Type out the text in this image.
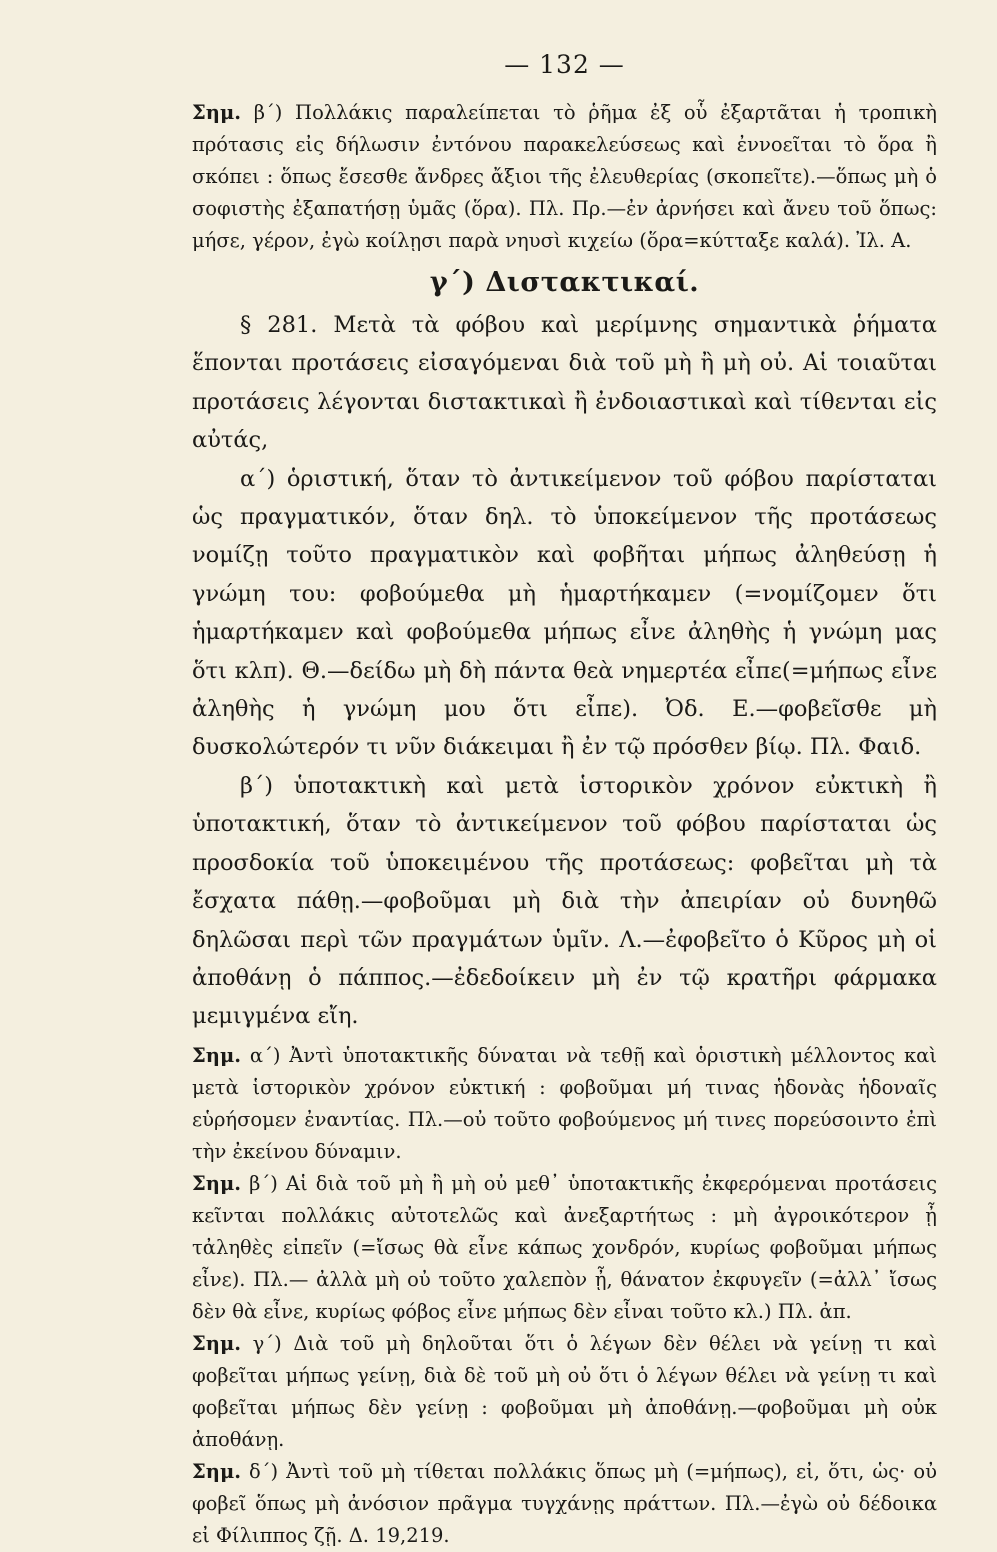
— 132 —

Σημ. β΄) Πολλάκις παραλείπεται τὸ ῥῆμα ἐξ οὗ ἐξαρτᾶται ἡ τροπικὴ πρότασις εἰς δήλωσιν ἐντόνου παρακελεύσεως καὶ ἐννοεῖται τὸ ὅρα ἢ σκόπει : ὅπως ἔσεσθε ἄνδρες ἄξιοι τῆς ἐλευθερίας (σκοπεῖτε).—ὅπως μὴ ὁ σοφιστὴς ἐξαπατήσῃ ὑμᾶς (ὅρα). Πλ. Πρ.—ἐν ἀρνήσει καὶ ἄνευ τοῦ ὅπως: μήσε, γέρον, ἐγὼ κοίλῃσι παρὰ νηυσὶ κιχείω (ὅρα=κύτταξε καλά). Ἰλ. Α.

γ΄) Διστακτικαί.

§ 281. Μετὰ τὰ φόβου καὶ μερίμνης σημαντικὰ ῥήματα ἕπονται προτάσεις εἰσαγόμεναι διὰ τοῦ μὴ ἢ μὴ οὐ. Αἱ τοιαῦται προτάσεις λέγονται διστακτικαὶ ἢ ἐνδοιαστικαὶ καὶ τίθενται εἰς αὐτάς,

α΄) ὁριστική, ὅταν τὸ ἀντικείμενον τοῦ φόβου παρίσταται ὡς πραγματικόν, ὅταν δηλ. τὸ ὑποκείμενον τῆς προτάσεως νομίζῃ τοῦτο πραγματικὸν καὶ φοβῆται μήπως ἀληθεύσῃ ἡ γνώμη του: φοβούμεθα μὴ ἡμαρτήκαμεν (=νομίζομεν ὅτι ἡμαρτήκαμεν καὶ φοβούμεθα μήπως εἶνε ἀληθὴς ἡ γνώμη μας ὅτι κλπ). Θ.—δείδω μὴ δὴ πάντα θεὰ νημερτέα εἶπε(=μήπως εἶνε ἀληθὴς ἡ γνώμη μου ὅτι εἶπε). Ὀδ. Ε.—φοβεῖσθε μὴ δυσκολώτερόν τι νῦν διάκειμαι ἢ ἐν τῷ πρόσθεν βίῳ. Πλ. Φαιδ.

β΄) ὑποτακτικὴ καὶ μετὰ ἱστορικὸν χρόνον εὐκτικὴ ἢ ὑποτακτική, ὅταν τὸ ἀντικείμενον τοῦ φόβου παρίσταται ὡς προσδοκία τοῦ ὑποκειμένου τῆς προτάσεως: φοβεῖται μὴ τὰ ἔσχατα πάθῃ.—φοβοῦμαι μὴ διὰ τὴν ἀπειρίαν οὐ δυνηθῶ δηλῶσαι περὶ τῶν πραγμάτων ὑμῖν. Λ.—ἐφοβεῖτο ὁ Κῦρος μὴ οἱ ἀποθάνῃ ὁ πάππος.—ἐδεδοίκειν μὴ ἐν τῷ κρατῆρι φάρμακα μεμιγμένα εἴη.

Σημ. α΄) Ἀντὶ ὑποτακτικῆς δύναται νὰ τεθῇ καὶ ὁριστικὴ μέλλοντος καὶ μετὰ ἱστορικὸν χρόνον εὐκτική : φοβοῦμαι μή τινας ἡδονὰς ἡδοναῖς εὑρήσομεν ἐναντίας. Πλ.—οὐ τοῦτο φοβούμενος μή τινες πορεύσοιντο ἐπὶ τὴν ἐκείνου δύναμιν.

Σημ. β΄) Αἱ διὰ τοῦ μὴ ἢ μὴ οὐ μεθ᾽ ὑποτακτικῆς ἐκφερόμεναι προτάσεις κεῖνται πολλάκις αὐτοτελῶς καὶ ἀνεξαρτήτως : μὴ ἀγροικότερον ᾖ τἀληθὲς εἰπεῖν (=ἴσως θὰ εἶνε κάπως χονδρόν, κυρίως φοβοῦμαι μήπως εἶνε). Πλ.— ἀλλὰ μὴ οὐ τοῦτο χαλεπὸν ᾖ, θάνατον ἐκφυγεῖν (=ἀλλ᾽ ἴσως δὲν θὰ εἶνε, κυρίως φόβος εἶνε μήπως δὲν εἶναι τοῦτο κλ.) Πλ. ἀπ.

Σημ. γ΄) Διὰ τοῦ μὴ δηλοῦται ὅτι ὁ λέγων δὲν θέλει νὰ γείνῃ τι καὶ φοβεῖται μήπως γείνῃ, διὰ δὲ τοῦ μὴ οὐ ὅτι ὁ λέγων θέλει νὰ γείνῃ τι καὶ φοβεῖται μήπως δὲν γείνῃ : φοβοῦμαι μὴ ἀποθάνῃ.—φοβοῦμαι μὴ οὐκ ἀποθάνῃ.

Σημ. δ΄) Ἀντὶ τοῦ μὴ τίθεται πολλάκις ὅπως μὴ (=μήπως), εἰ, ὅτι, ὡς· οὐ φοβεῖ ὅπως μὴ ἀνόσιον πρᾶγμα τυγχάνῃς πράττων. Πλ.—ἐγὼ οὐ δέδοικα εἰ Φίλιππος ζῇ. Δ. 19,219.
